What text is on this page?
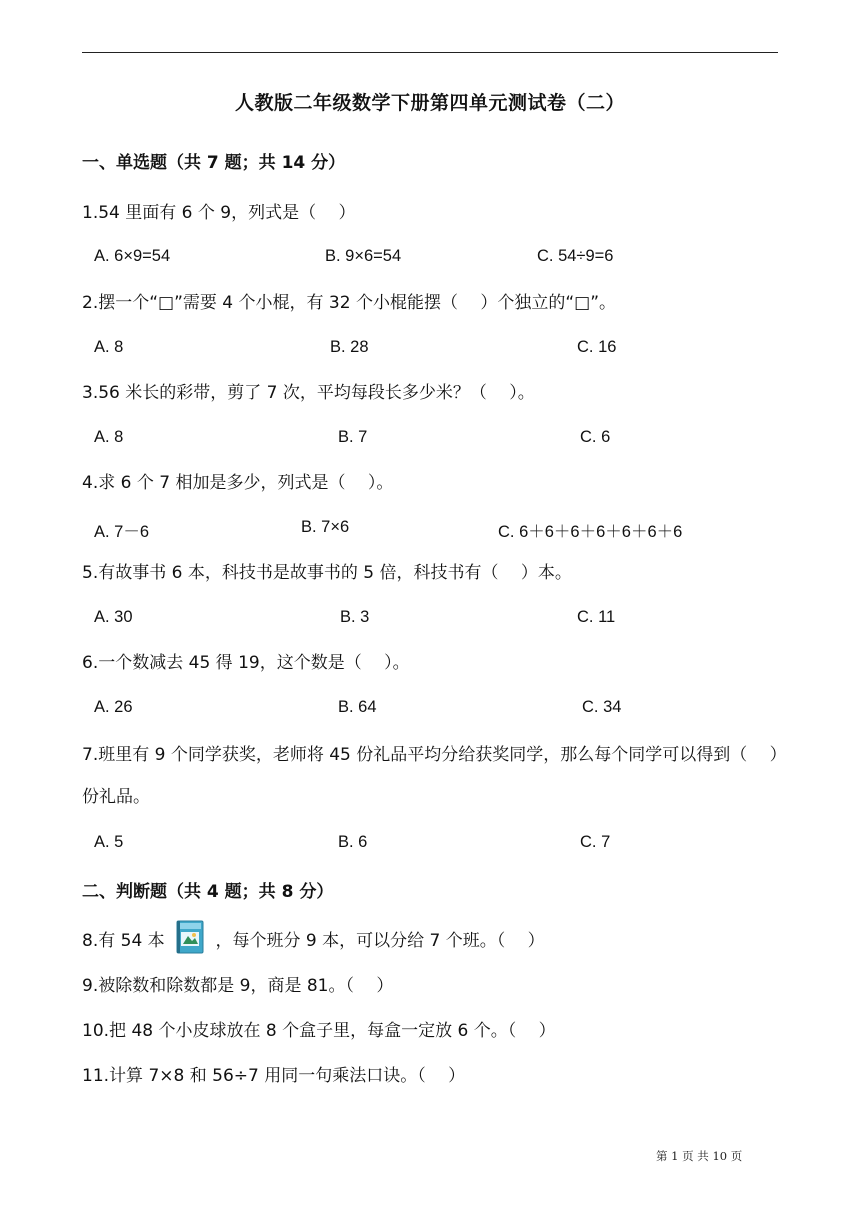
人教版二年级数学下册第四单元测试卷（二）
一、单选题（共 7 题；共 14 分）
1.54 里面有 6 个 9，列式是（　 ）
A. 6×9=54	B. 9×6=54	C. 54÷9=6
2.摆一个“□”需要 4 个小棍，有 32 个小棍能摆（　 ）个独立的“□”。
A. 8	B. 28	C. 16
3.56 米长的彩带，剪了 7 次，平均每段长多少米？（　 ）。
A. 8	B. 7	C. 6
4.求 6 个 7 相加是多少，列式是（　 ）。
A. 7－6	B. 7×6	C. 6＋6＋6＋6＋6＋6＋6
5.有故事书 6 本，科技书是故事书的 5 倍，科技书有（　 ）本。
A. 30	B. 3	C. 11
6.一个数减去 45 得 19，这个数是（　 ）。
A. 26	B. 64	C. 34
7.班里有 9 个同学获奖，老师将 45 份礼品平均分给获奖同学，那么每个同学可以得到（　 ）份礼品。
A. 5	B. 6	C. 7
二、判断题（共 4 题；共 8 分）
8.有 54 本	，每个班分 9 本，可以分给 7 个班。（　 ）
9.被除数和除数都是 9，商是 81。（　 ）
10.把 48 个小皮球放在 8 个盒子里，每盒一定放 6 个。（　 ）
11.计算 7×8 和 56÷7 用同一句乘法口诀。（　 ）
第 1 页 共 10 页
